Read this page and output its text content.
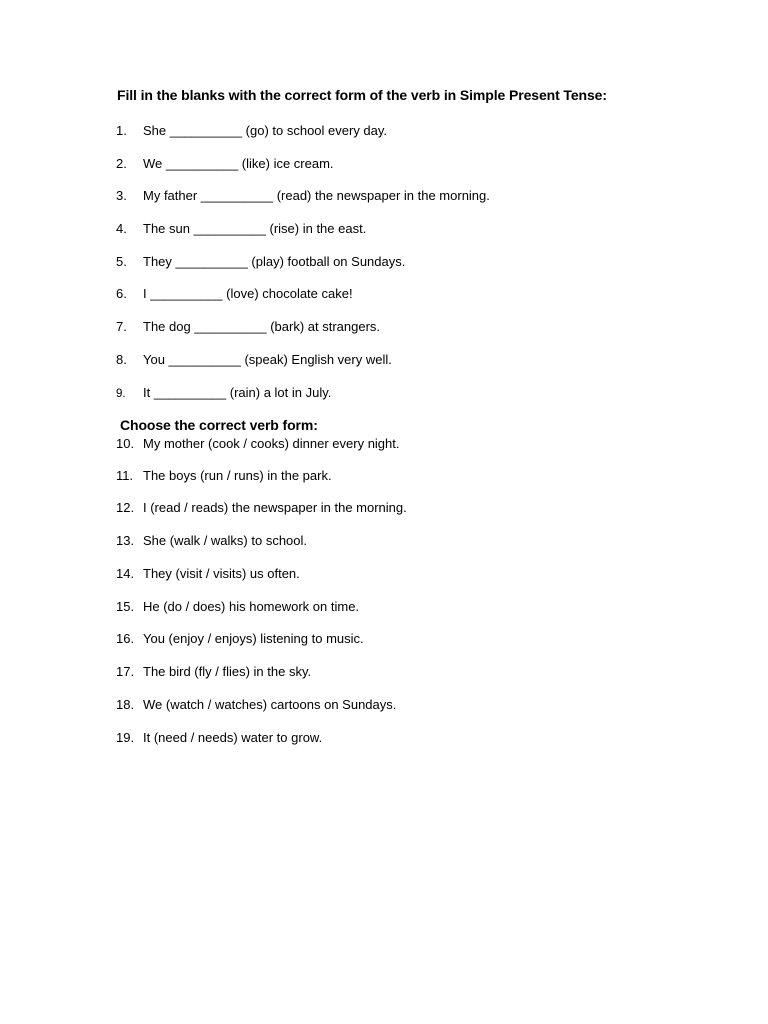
Fill in the blanks with the correct form of the verb in Simple Present Tense:
1. She __________ (go) to school every day.
2. We __________ (like) ice cream.
3. My father __________ (read) the newspaper in the morning.
4. The sun __________ (rise) in the east.
5. They __________ (play) football on Sundays.
6. I __________ (love) chocolate cake!
7. The dog __________ (bark) at strangers.
8. You __________ (speak) English very well.
9. It __________ (rain) a lot in July.
Choose the correct verb form:
10. My mother (cook / cooks) dinner every night.
11. The boys (run / runs) in the park.
12. I (read / reads) the newspaper in the morning.
13. She (walk / walks) to school.
14. They (visit / visits) us often.
15. He (do / does) his homework on time.
16. You (enjoy / enjoys) listening to music.
17. The bird (fly / flies) in the sky.
18. We (watch / watches) cartoons on Sundays.
19. It (need / needs) water to grow.
